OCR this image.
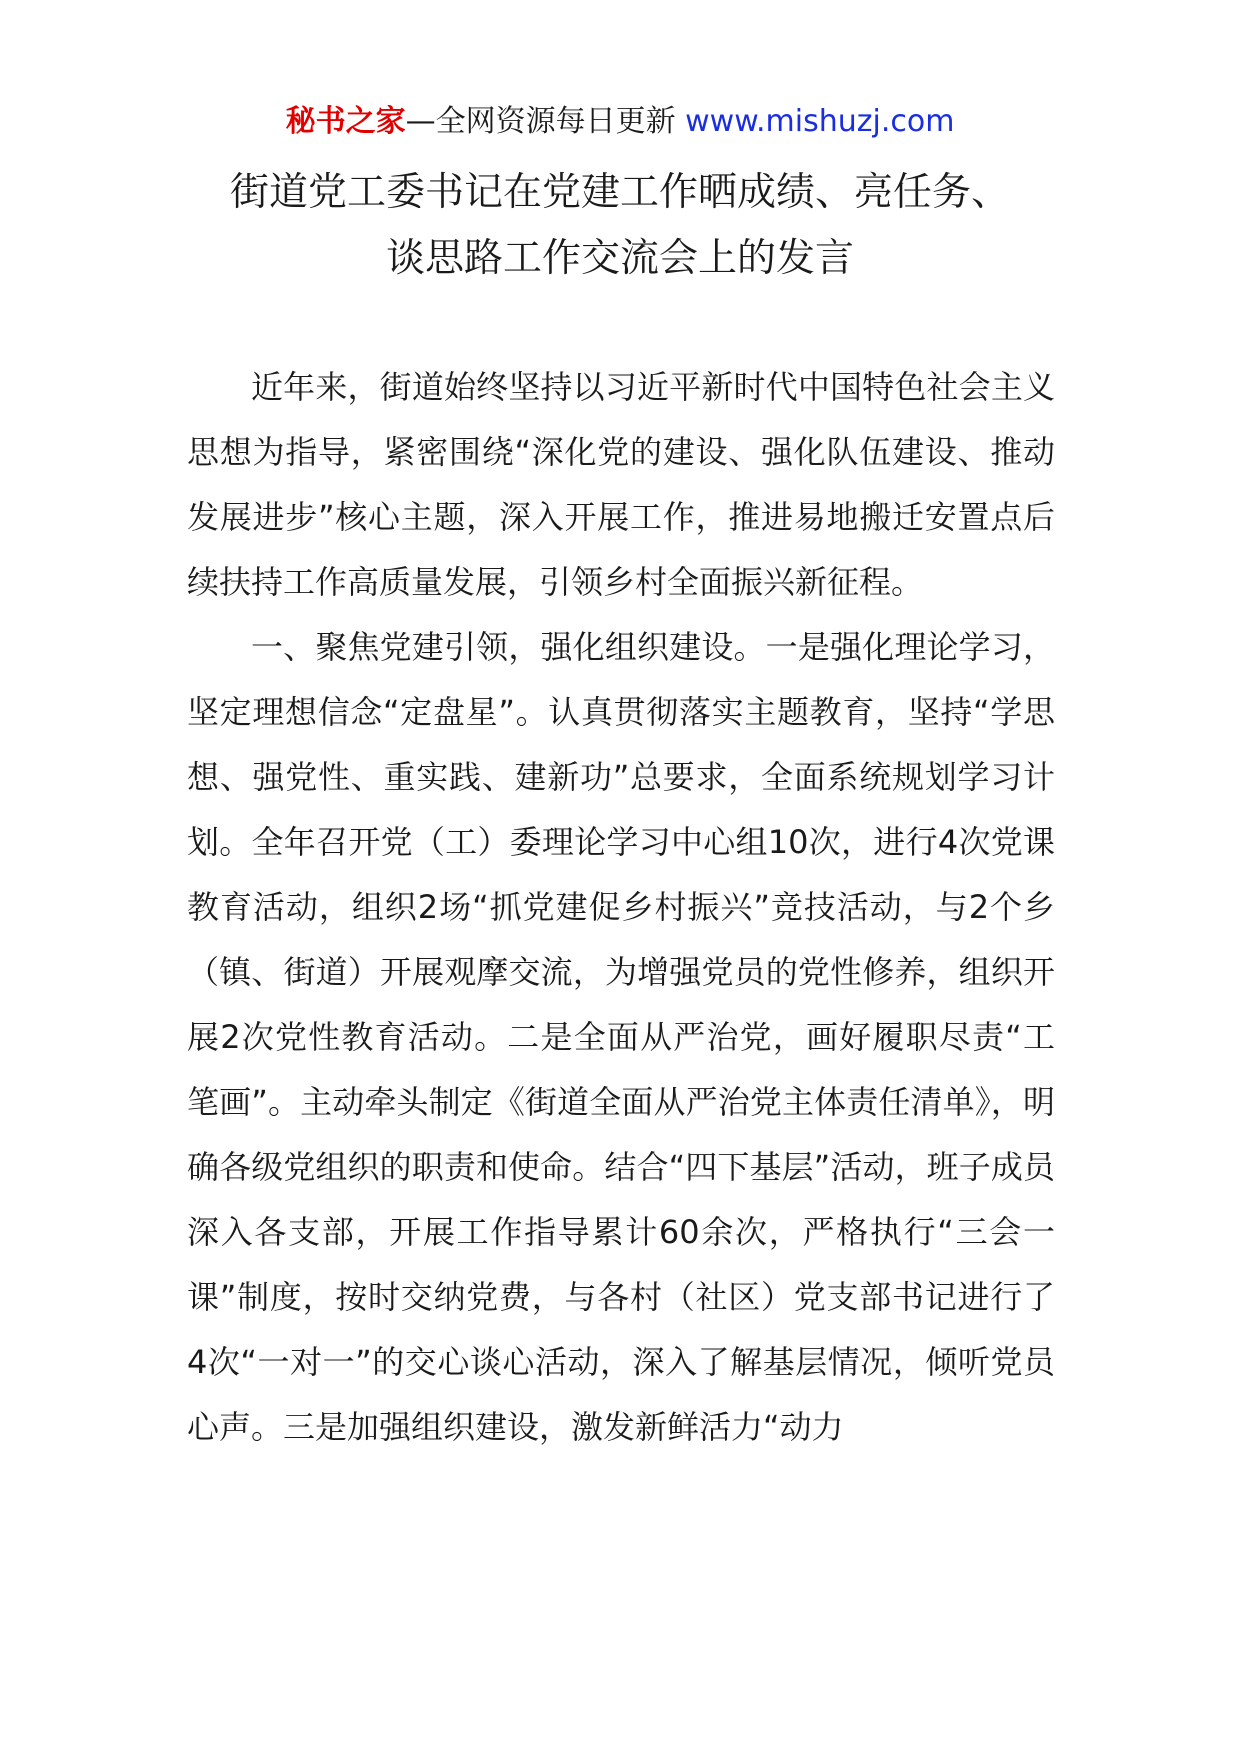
秘书之家—全网资源每日更新 www.mishuzj.com
街道党工委书记在党建工作晒成绩、亮任务、
谈思路工作交流会上的发言

近年来，街道始终坚持以习近平新时代中国特色社会主义思想为指导，紧密围绕“深化党的建设、强化队伍建设、推动发展进步”核心主题，深入开展工作，推进易地搬迁安置点后续扶持工作高质量发展，引领乡村全面振兴新征程。

一、聚焦党建引领，强化组织建设。一是强化理论学习，坚定理想信念“定盘星”。认真贯彻落实主题教育，坚持“学思想、强党性、重实践、建新功”总要求，全面系统规划学习计划。全年召开党（工）委理论学习中心组10次，进行4次党课教育活动，组织2场“抓党建促乡村振兴”竞技活动，与2个乡（镇、街道）开展观摩交流，为增强党员的党性修养，组织开展2次党性教育活动。二是全面从严治党，画好履职尽责“工笔画”。主动牵头制定《街道全面从严治党主体责任清单》，明确各级党组织的职责和使命。结合“四下基层”活动，班子成员深入各支部，开展工作指导累计60余次，严格执行“三会一课”制度，按时交纳党费，与各村（社区）党支部书记进行了4次“一对一”的交心谈心活动，深入了解基层情况，倾听党员心声。三是加强组织建设，激发新鲜活力“动力
